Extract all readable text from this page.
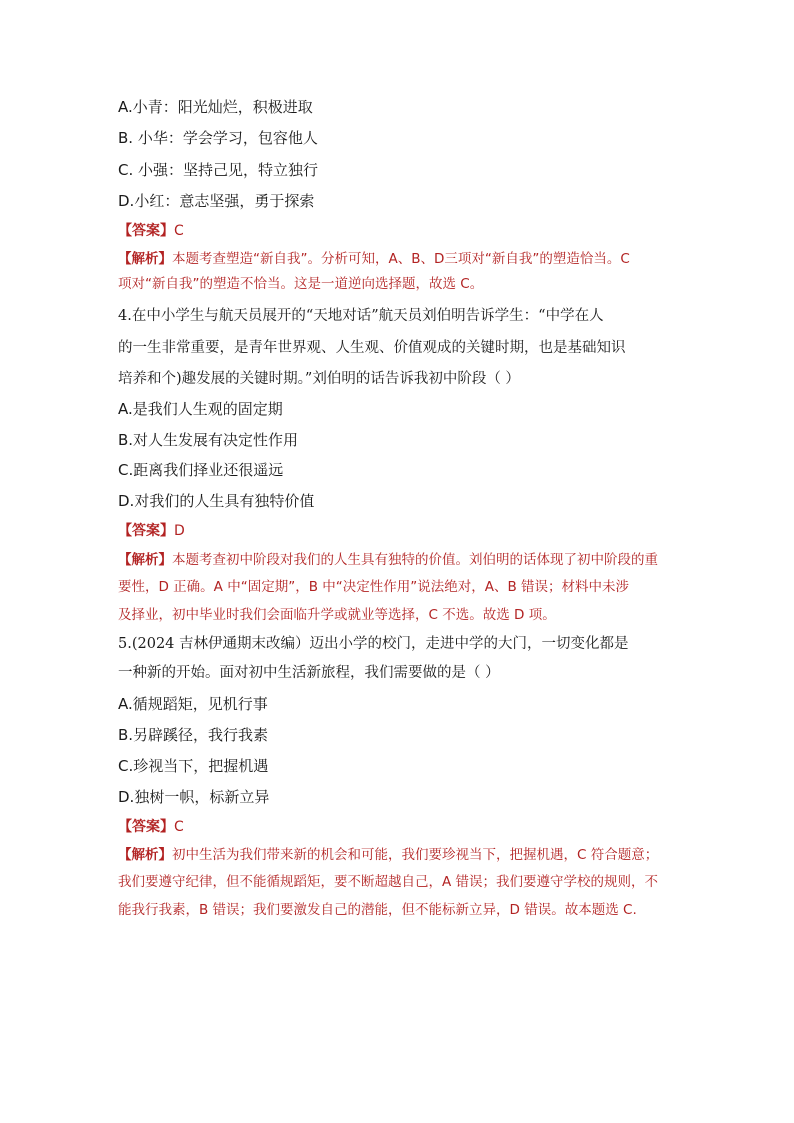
A.小青：阳光灿烂，积极进取
B. 小华：学会学习，包容他人
C. 小强：坚持己见，特立独行
D.小红：意志坚强，勇于探索
【答案】C
【解析】本题考查塑造“新自我”。分析可知，A、B、D三项对“新自我”的塑造恰当。C
项对“新自我”的塑造不恰当。这是一道逆向选择题，故选 C。
4.在中小学生与航天员展开的“天地对话”航天员刘伯明告诉学生：“中学在人
的一生非常重要，是青年世界观、人生观、价值观成的关键时期，也是基础知识
培养和个)趣发展的关键时期。”刘伯明的话告诉我初中阶段（ ）
A.是我们人生观的固定期
B.对人生发展有决定性作用
C.距离我们择业还很遥远
D.对我们的人生具有独特价值
【答案】D
【解析】本题考查初中阶段对我们的人生具有独特的价值。刘伯明的话体现了初中阶段的重
要性，D 正确。A 中“固定期”，B 中“决定性作用”说法绝对，A、B 错误；材料中未涉
及择业，初中毕业时我们会面临升学或就业等选择，C 不选。故选 D 项。
5.(2024 吉林伊通期末改编）迈出小学的校门，走进中学的大门，一切变化都是
一种新的开始。面对初中生活新旅程，我们需要做的是（ ）
A.循规蹈矩，见机行事
B.另辟蹊径，我行我素
C.珍视当下，把握机遇
D.独树一帜，标新立异
【答案】C
【解析】初中生活为我们带来新的机会和可能，我们要珍视当下，把握机遇，C 符合题意；
我们要遵守纪律，但不能循规蹈矩，要不断超越自己，A 错误；我们要遵守学校的规则，不
能我行我素，B 错误；我们要激发自己的潜能，但不能标新立异，D 错误。故本题选 C.
